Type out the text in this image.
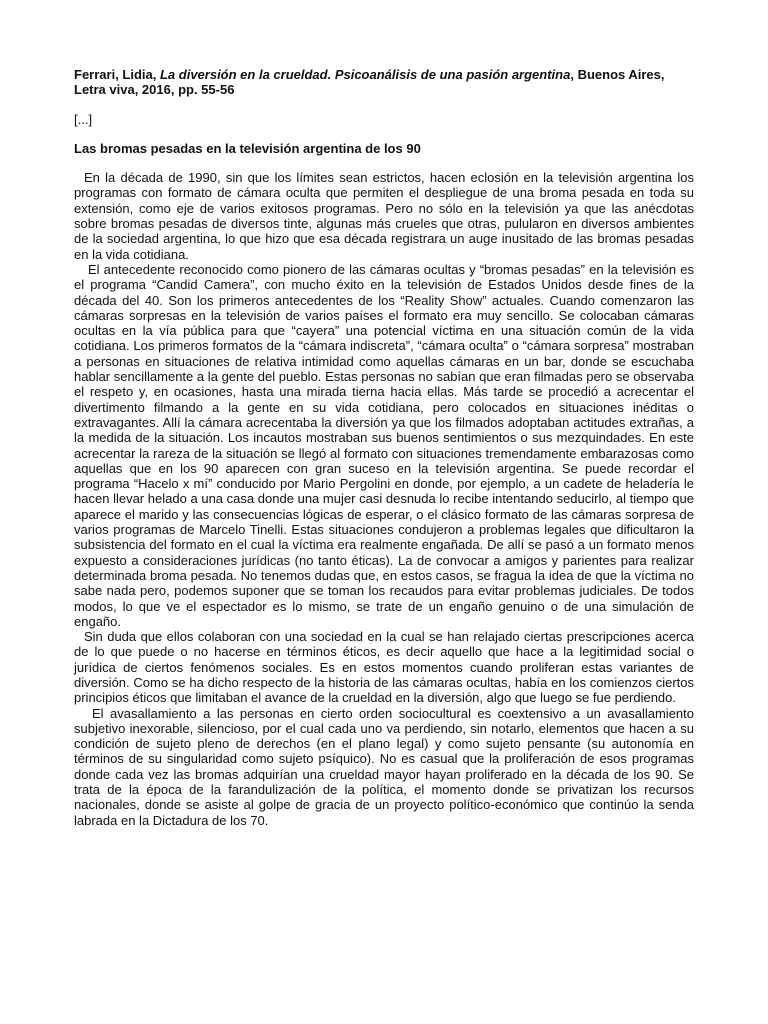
Ferrari, Lidia, La diversión en la crueldad. Psicoanálisis de una pasión argentina, Buenos Aires, Letra viva, 2016, pp. 55-56

[...]

Las bromas pesadas en la televisión argentina de los 90

En la década de 1990, sin que los límites sean estrictos, hacen eclosión en la televisión argentina los programas con formato de cámara oculta que permiten el despliegue de una broma pesada en toda su extensión, como eje de varios exitosos programas. Pero no sólo en la televisión ya que las anécdotas sobre bromas pesadas de diversos tinte, algunas más crueles que otras, pulularon en diversos ambientes de la sociedad argentina, lo que hizo que esa década registrara un auge inusitado de las bromas pesadas en la vida cotidiana.

El antecedente reconocido como pionero de las cámaras ocultas y “bromas pesadas” en la televisión es el programa “Candid Camera”, con mucho éxito en la televisión de Estados Unidos desde fines de la década del 40. Son los primeros antecedentes de los “Reality Show” actuales. Cuando comenzaron las cámaras sorpresas en la televisión de varios países el formato era muy sencillo. Se colocaban cámaras ocultas en la vía pública para que “cayera” una potencial víctima en una situación común de la vida cotidiana. Los primeros formatos de la “cámara indiscreta”, “cámara oculta” o “cámara sorpresa” mostraban a personas en situaciones de relativa intimidad como aquellas cámaras en un bar, donde se escuchaba hablar sencillamente a la gente del pueblo. Estas personas no sabían que eran filmadas pero se observaba el respeto y, en ocasiones, hasta una mirada tierna hacia ellas. Más tarde se procedió a acrecentar el divertimento filmando a la gente en su vida cotidiana, pero colocados en situaciones inéditas o extravagantes. Allí la cámara acrecentaba la diversión ya que los filmados adoptaban actitudes extrañas, a la medida de la situación. Los incautos mostraban sus buenos sentimientos o sus mezquindades. En este acrecentar la rareza de la situación se llegó al formato con situaciones tremendamente embarazosas como aquellas que en los 90 aparecen con gran suceso en la televisión argentina. Se puede recordar el programa “Hacelo x mí” conducido por Mario Pergolini en donde, por ejemplo, a un cadete de heladería le hacen llevar helado a una casa donde una mujer casi desnuda lo recibe intentando seducirlo, al tiempo que aparece el marido y las consecuencias lógicas de esperar, o el clásico formato de las cámaras sorpresa de varios programas de Marcelo Tinelli. Estas situaciones condujeron a problemas legales que dificultaron la subsistencia del formato en el cual la víctima era realmente engañada. De allí se pasó a un formato menos expuesto a consideraciones jurídicas (no tanto éticas). La de convocar a amigos y parientes para realizar determinada broma pesada. No tenemos dudas que, en estos casos, se fragua la idea de que la víctima no sabe nada pero, podemos suponer que se toman los recaudos para evitar problemas judiciales. De todos modos, lo que ve el espectador es lo mismo, se trate de un engaño genuino o de una simulación de engaño.

Sin duda que ellos colaboran con una sociedad en la cual se han relajado ciertas prescripciones acerca de lo que puede o no hacerse en términos éticos, es decir aquello que hace a la legitimidad social o jurídica de ciertos fenómenos sociales. Es en estos momentos cuando proliferan estas variantes de diversión. Como se ha dicho respecto de la historia de las cámaras ocultas, había en los comienzos ciertos principios éticos que limitaban el avance de la crueldad en la diversión, algo que luego se fue perdiendo.

El avasallamiento a las personas en cierto orden sociocultural es coextensivo a un avasallamiento subjetivo inexorable, silencioso, por el cual cada uno va perdiendo, sin notarlo, elementos que hacen a su condición de sujeto pleno de derechos (en el plano legal) y como sujeto pensante (su autonomía en términos de su singularidad como sujeto psíquico). No es casual que la proliferación de esos programas donde cada vez las bromas adquirían una crueldad mayor hayan proliferado en la década de los 90. Se trata de la época de la farandulización de la política, el momento donde se privatizan los recursos nacionales, donde se asiste al golpe de gracia de un proyecto político-económico que continúo la senda labrada en la Dictadura de los 70.
